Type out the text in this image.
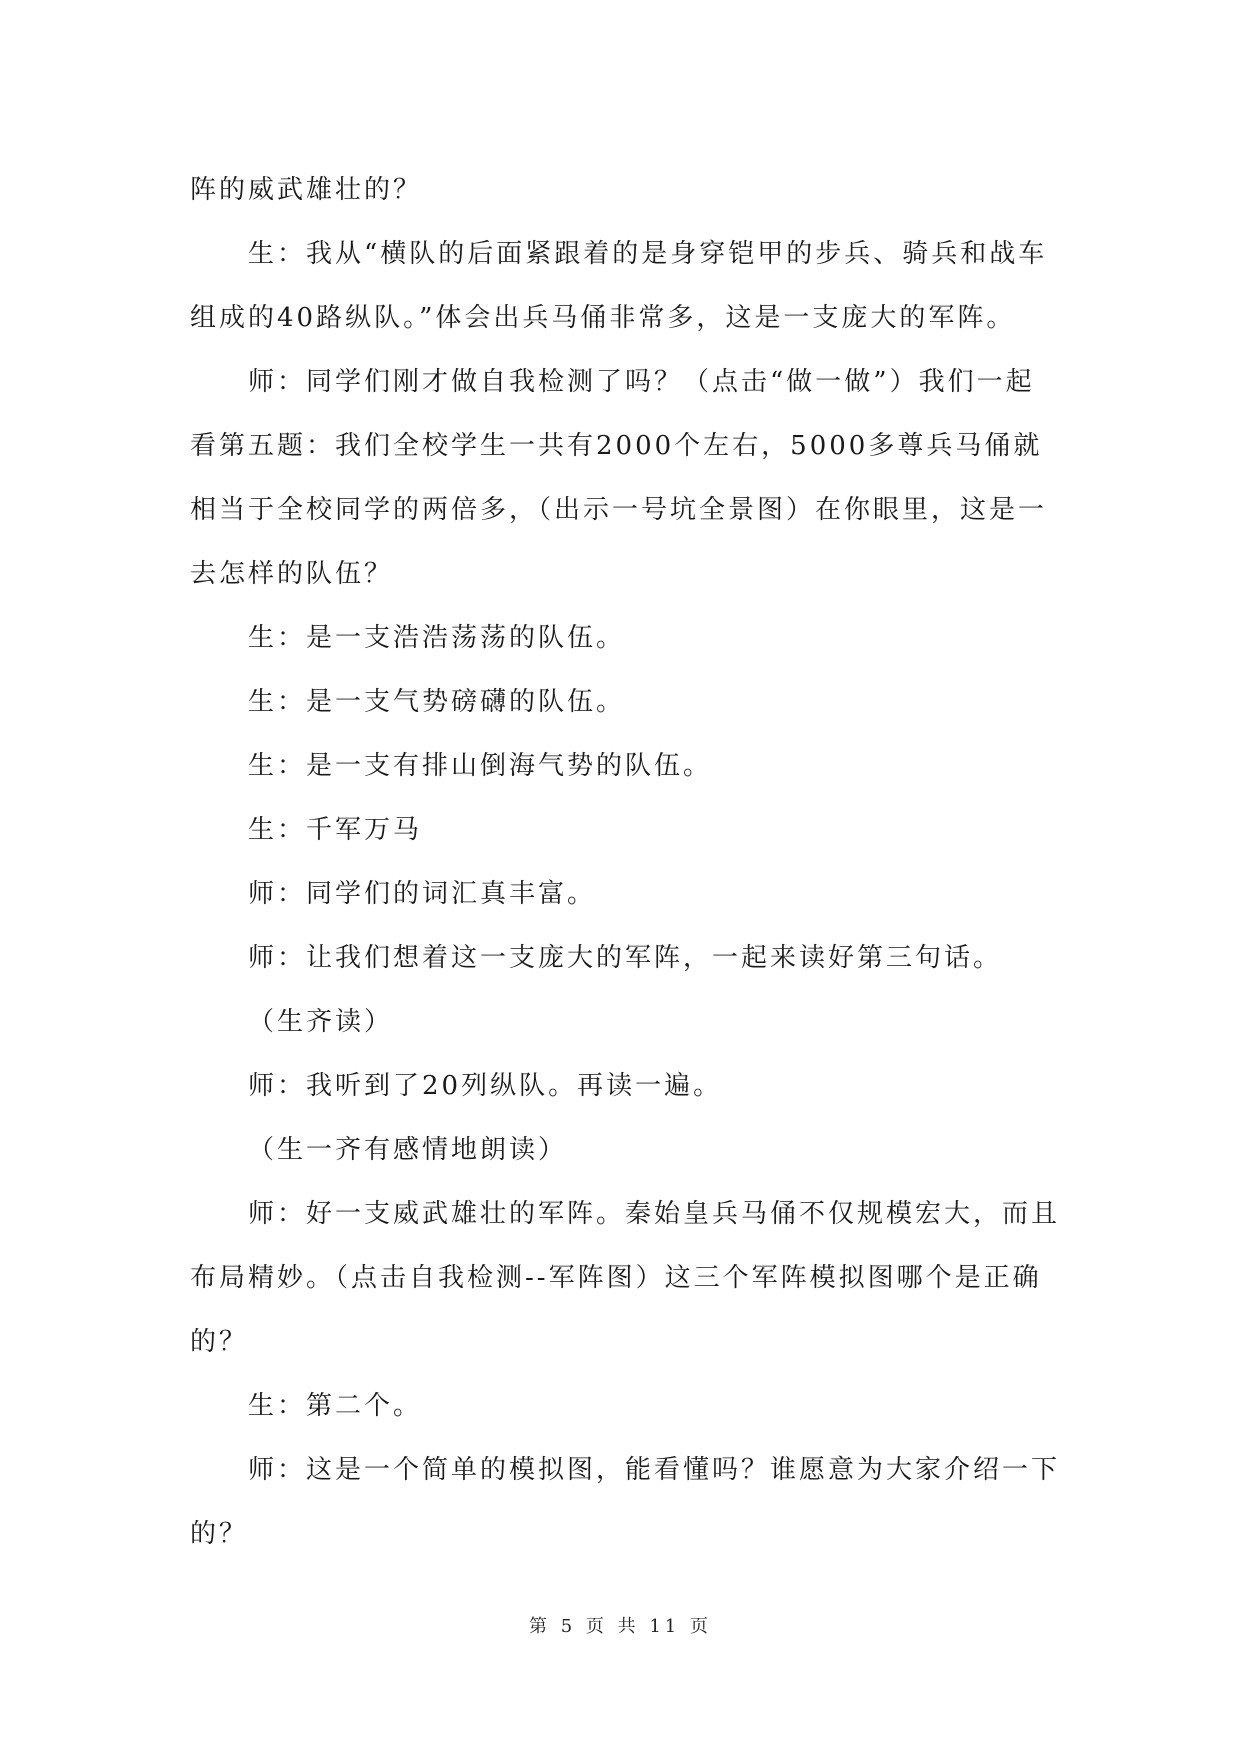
阵的威武雄壮的？

生：我从“横队的后面紧跟着的是身穿铠甲的步兵、骑兵和战车组成的40路纵队。”体会出兵马俑非常多，这是一支庞大的军阵。

师：同学们刚才做自我检测了吗？（点击“做一做”）我们一起看第五题：我们全校学生一共有2000个左右，5000多尊兵马俑就相当于全校同学的两倍多，（出示一号坑全景图）在你眼里，这是一去怎样的队伍？

生：是一支浩浩荡荡的队伍。

生：是一支气势磅礴的队伍。

生：是一支有排山倒海气势的队伍。

生：千军万马

师：同学们的词汇真丰富。

师：让我们想着这一支庞大的军阵，一起来读好第三句话。

（生齐读）

师：我听到了20列纵队。再读一遍。

（生一齐有感情地朗读）

师：好一支威武雄壮的军阵。秦始皇兵马俑不仅规模宏大，而且布局精妙。（点击自我检测--军阵图）这三个军阵模拟图哪个是正确的？

生：第二个。

师：这是一个简单的模拟图，能看懂吗？谁愿意为大家介绍一下的？

第 5 页 共 11 页
